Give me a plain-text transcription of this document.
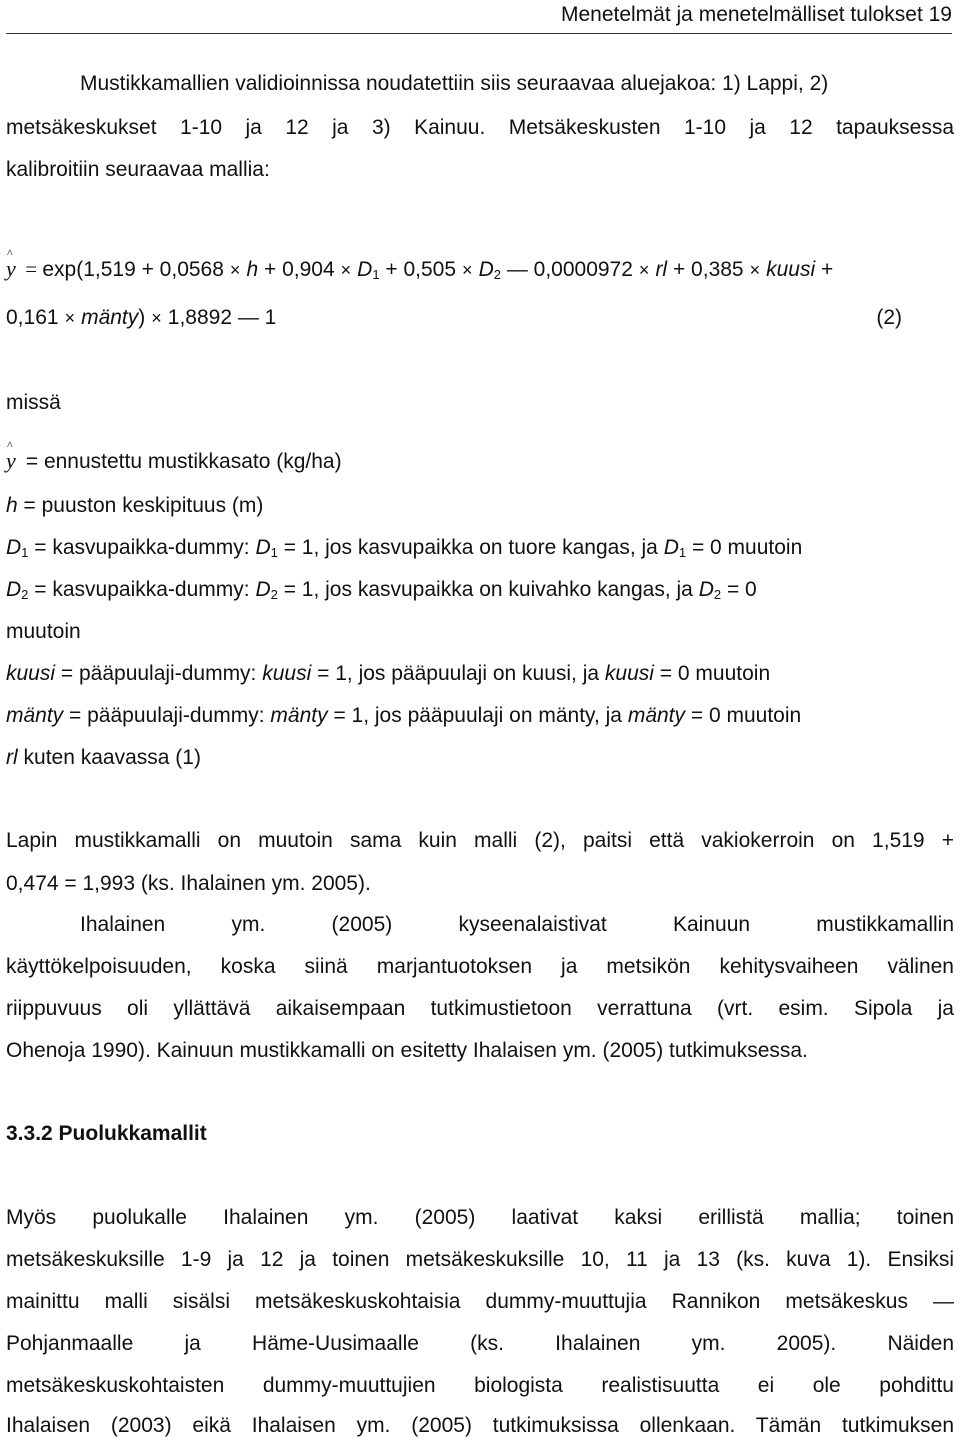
Menetelmät ja menetelmälliset tulokset 19
Mustikkamallien validioinnissa noudatettiin siis seuraavaa aluejakoa: 1) Lappi, 2)
metsäkeskukset 1-10 ja 12 ja 3) Kainuu. Metsäkeskusten 1-10 ja 12 tapauksessa
kalibroitiin seuraavaa mallia:
^
$y = \exp(1,519 + 0,0568 \times h + 0,904 \times D_1 + 0,505 \times D_2$ — 0,0000972 × rl + 0,385 × kuusi +
0,161 × mänty) × 1,8892 — 1	(2)
missä
^
y = ennustettu mustikkasato (kg/ha)
h = puuston keskipituus (m)
$D_1$ = kasvupaikka-dummy: $D_1 = 1$, jos kasvupaikka on tuore kangas, ja $D_1 = 0$ muutoin
$D_2$ = kasvupaikka-dummy: $D_2 = 1$, jos kasvupaikka on kuivahko kangas, ja $D_2 = 0$
muutoin
kuusi = pääpuulaji-dummy: kuusi = 1, jos pääpuulaji on kuusi, ja kuusi = 0 muutoin
mänty = pääpuulaji-dummy: mänty = 1, jos pääpuulaji on mänty, ja mänty = 0 muutoin
rl kuten kaavassa (1)
Lapin mustikkamalli on muutoin sama kuin malli (2), paitsi että vakiokerroin on 1,519 +
0,474 = 1,993 (ks. Ihalainen ym. 2005).
Ihalainen ym. (2005) kyseenalaistivat Kainuun mustikkamallin
käyttökelpoisuuden, koska siinä marjantuotoksen ja metsikön kehitysvaiheen välinen
riippuvuus oli yllättävä aikaisempaan tutkimustietoon verrattuna (vrt. esim. Sipola ja
Ohenoja 1990). Kainuun mustikkamalli on esitetty Ihalaisen ym. (2005) tutkimuksessa.
3.3.2 Puolukkamallit
Myös puolukalle Ihalainen ym. (2005) laativat kaksi erillistä mallia; toinen
metsäkeskuksille 1-9 ja 12 ja toinen metsäkeskuksille 10, 11 ja 13 (ks. kuva 1). Ensiksi
mainittu malli sisälsi metsäkeskuskohtaisia dummy-muuttujia Rannikon metsäkeskus —
Pohjanmaalle ja Häme-Uusimaalle (ks. Ihalainen ym. 2005). Näiden
metsäkeskuskohtaisten dummy-muuttujien biologista realistisuutta ei ole pohdittu
Ihalaisen (2003) eikä Ihalaisen ym. (2005) tutkimuksissa ollenkaan. Tämän tutkimuksen
